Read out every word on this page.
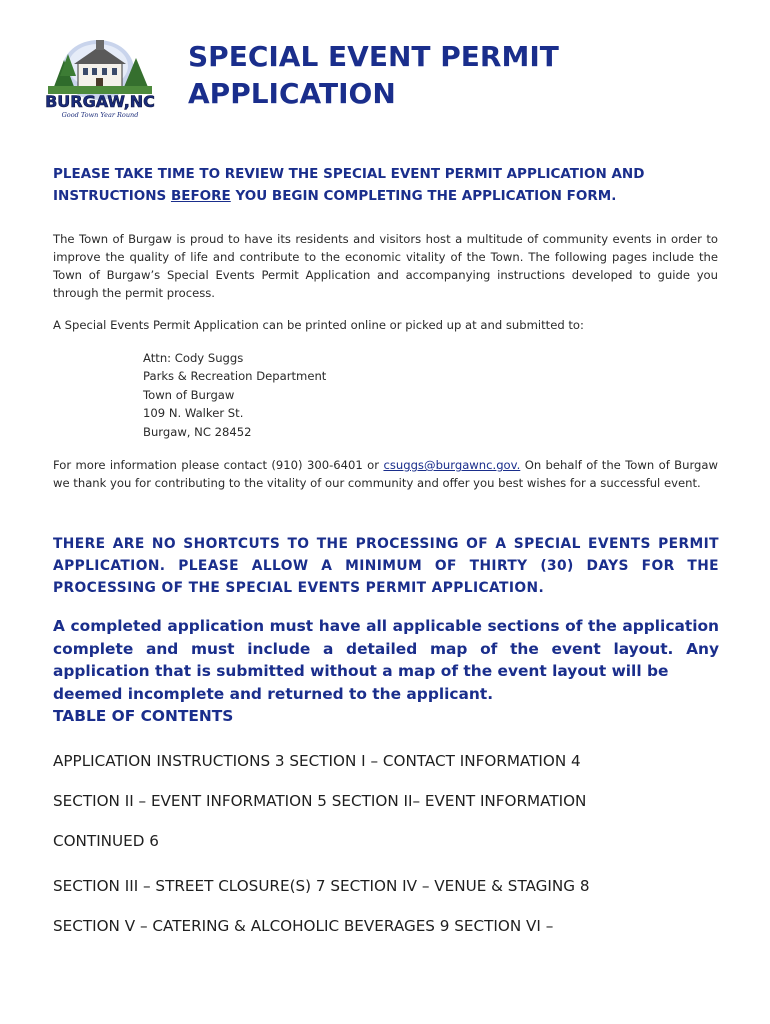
BURGAW,NC
Good Town Year Round
SPECIAL EVENT PERMIT
APPLICATION

PLEASE TAKE TIME TO REVIEW THE SPECIAL EVENT PERMIT APPLICATION AND INSTRUCTIONS BEFORE YOU BEGIN COMPLETING THE APPLICATION FORM.

The Town of Burgaw is proud to have its residents and visitors host a multitude of community events in order to improve the quality of life and contribute to the economic vitality of the Town. The following pages include the Town of Burgaw’s Special Events Permit Application and accompanying instructions developed to guide you through the permit process.

A Special Events Permit Application can be printed online or picked up at and submitted to:

Attn: Cody Suggs
Parks & Recreation Department
Town of Burgaw
109 N. Walker St.
Burgaw, NC 28452

For more information please contact (910) 300-6401 or csuggs@burgawnc.gov. On behalf of the Town of Burgaw we thank you for contributing to the vitality of our community and offer you best wishes for a successful event.

THERE ARE NO SHORTCUTS TO THE PROCESSING OF A SPECIAL EVENTS PERMIT APPLICATION. PLEASE ALLOW A MINIMUM OF THIRTY (30) DAYS FOR THE PROCESSING OF THE SPECIAL EVENTS PERMIT APPLICATION.

A completed application must have all applicable sections of the application complete and must include a detailed map of the event layout. Any application that is submitted without a map of the event layout will be
deemed incomplete and returned to the applicant.

TABLE OF CONTENTS

APPLICATION INSTRUCTIONS 3 SECTION I – CONTACT INFORMATION 4

SECTION II – EVENT INFORMATION 5 SECTION II– EVENT INFORMATION

CONTINUED 6

SECTION III – STREET CLOSURE(S) 7 SECTION IV – VENUE & STAGING 8

SECTION V – CATERING & ALCOHOLIC BEVERAGES 9 SECTION VI –
